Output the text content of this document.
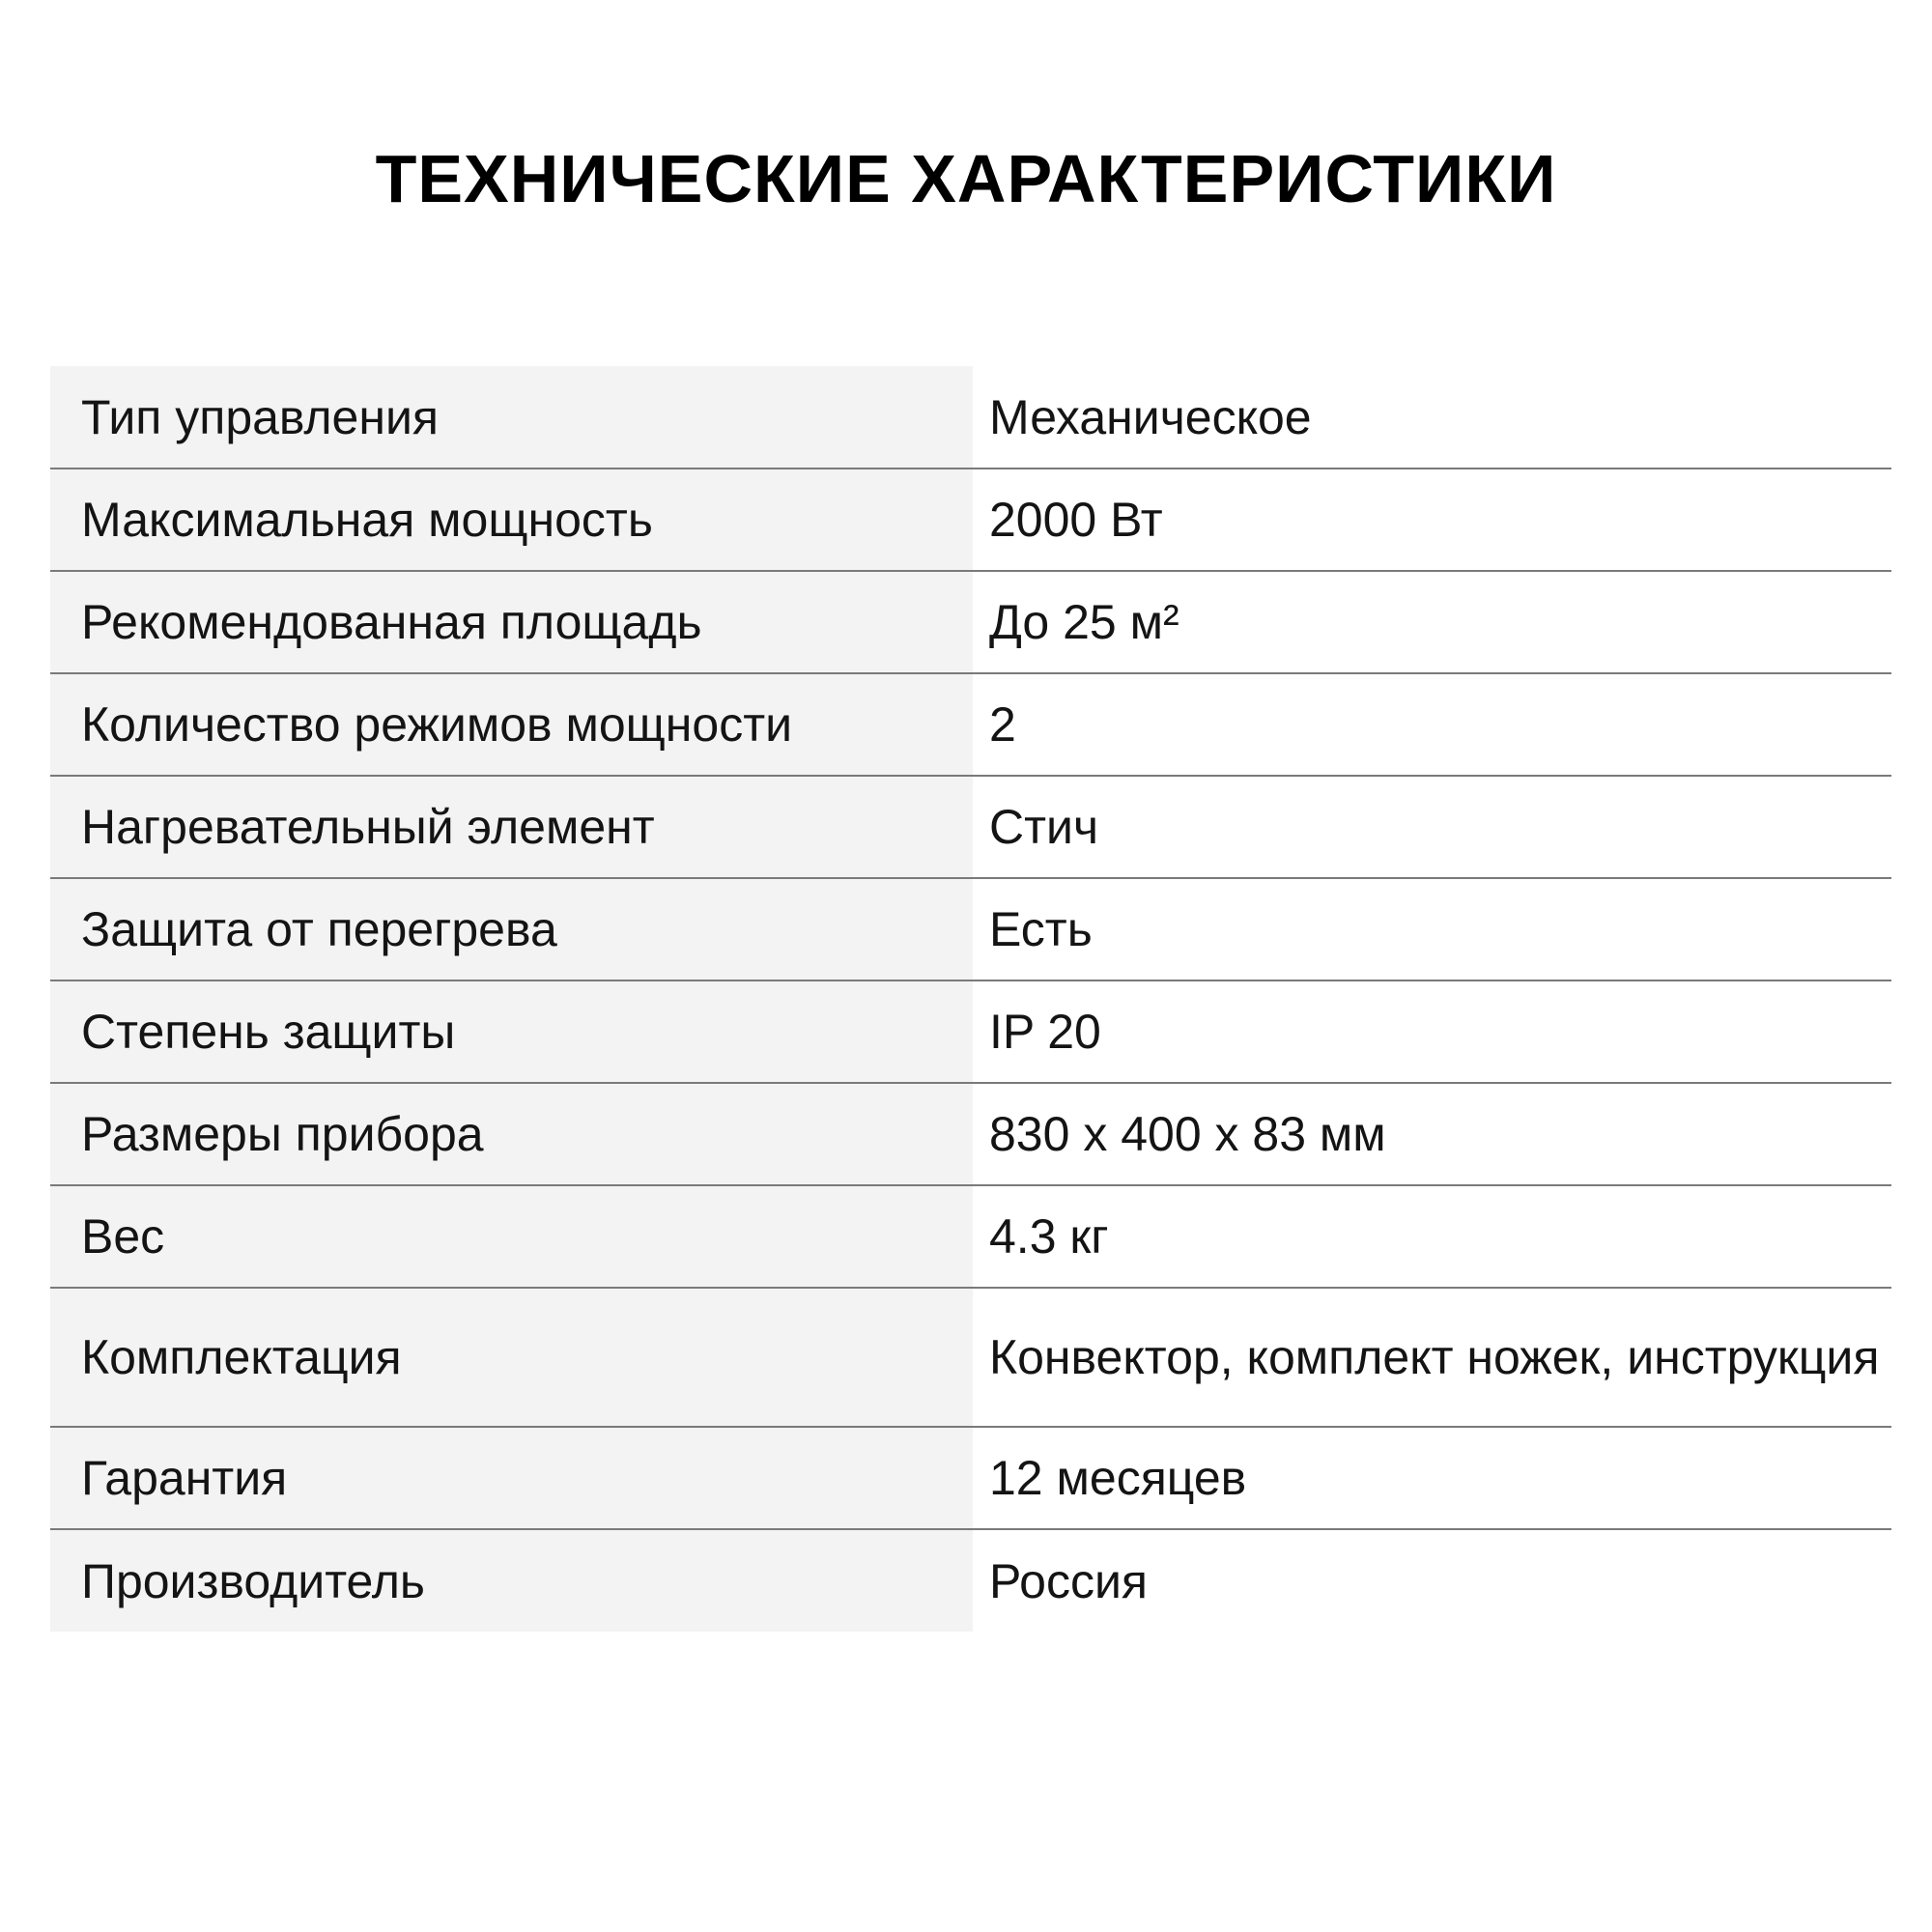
ТЕХНИЧЕСКИЕ ХАРАКТЕРИСТИКИ
Тип управления	Механическое
Максимальная мощность	2000 Вт
Рекомендованная площадь	До 25 м²
Количество режимов мощности	2
Нагревательный элемент	Стич
Защита от перегрева	Есть
Степень защиты	IP 20
Размеры прибора	830 х 400 х 83 мм
Вес	4.3 кг
Комплектация	Конвектор, комплект ножек, инструкция
Гарантия	12 месяцев
Производитель	Россия
